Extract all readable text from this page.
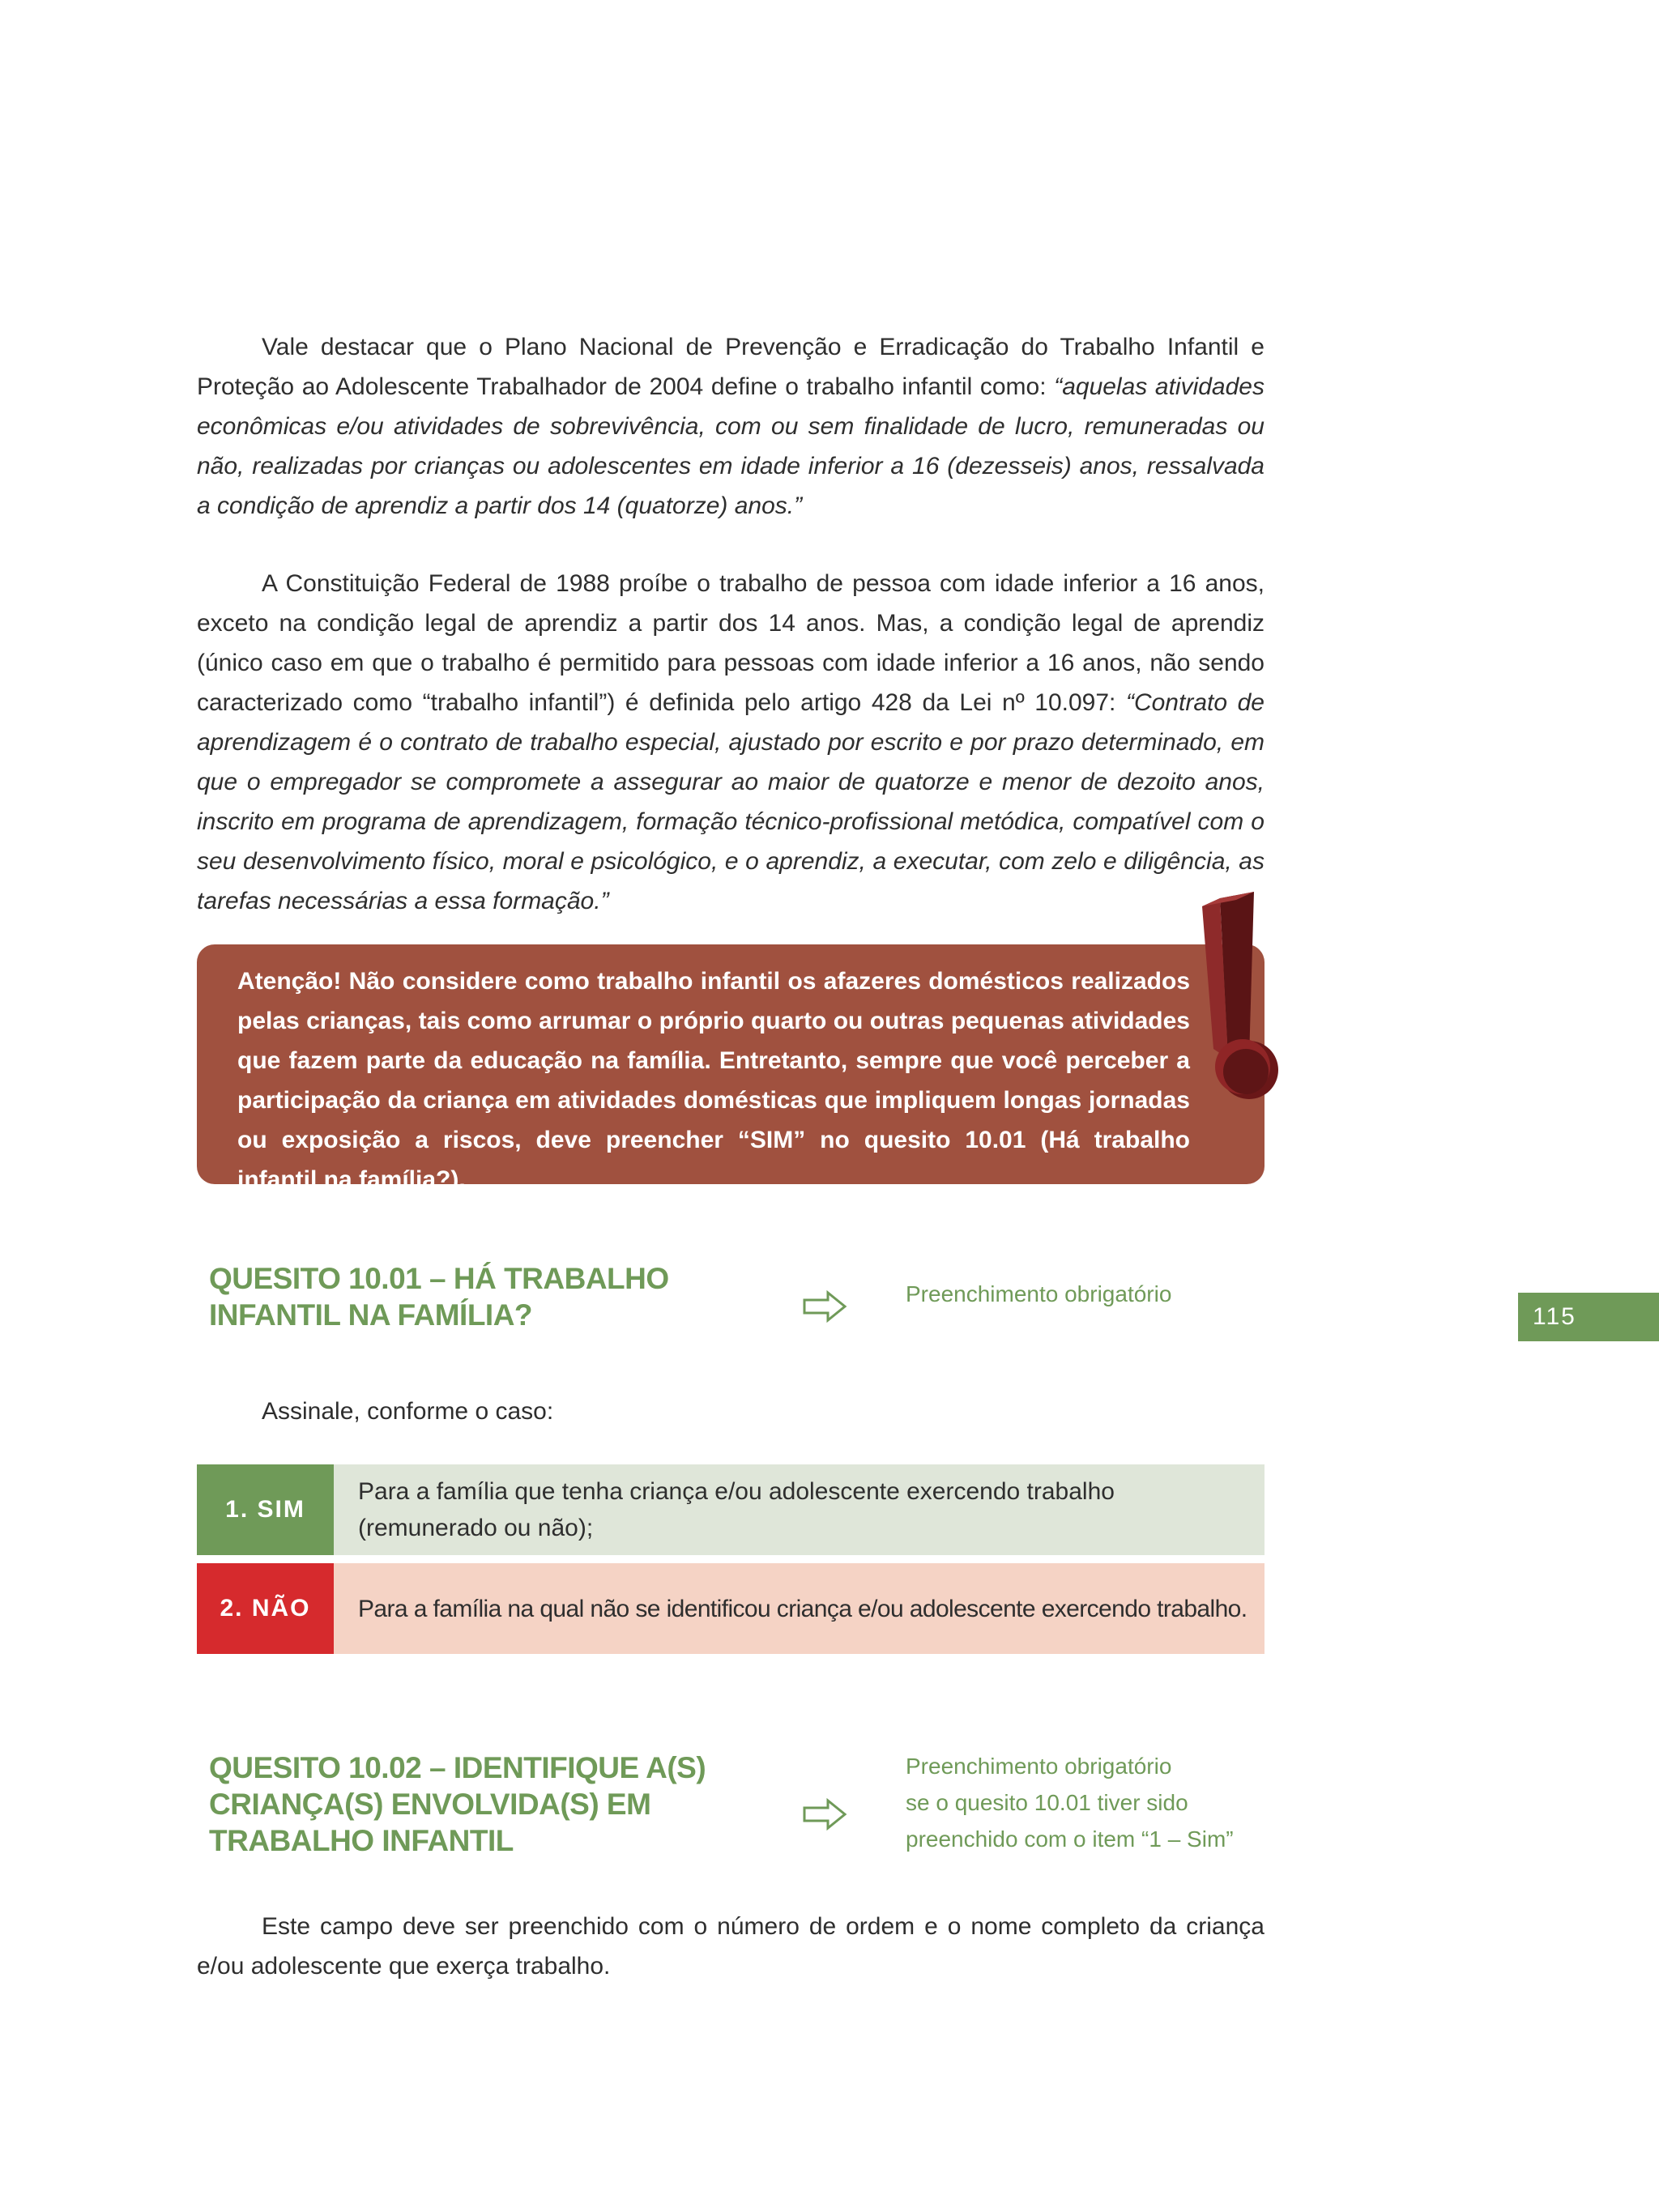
Vale destacar que o Plano Nacional de Prevenção e Erradicação do Trabalho Infantil e Proteção ao Adolescente Trabalhador de 2004 define o trabalho infantil como: “aquelas atividades econômicas e/ou atividades de sobrevivência, com ou sem finalidade de lucro, remuneradas ou não, realizadas por crianças ou adolescentes em idade inferior a 16 (dezesseis) anos, ressalvada a condição de aprendiz a partir dos 14 (quatorze) anos.”

A Constituição Federal de 1988 proíbe o trabalho de pessoa com idade inferior a 16 anos, exceto na condição legal de aprendiz a partir dos 14 anos. Mas, a condição legal de aprendiz (único caso em que o trabalho é permitido para pessoas com idade inferior a 16 anos, não sendo caracterizado como “trabalho infantil”) é definida pelo artigo 428 da Lei nº 10.097: “Contrato de aprendizagem é o contrato de trabalho especial, ajustado por escrito e por prazo determinado, em que o empregador se compromete a assegurar ao maior de quatorze e menor de dezoito anos, inscrito em programa de aprendizagem, formação técnico-profissional metódica, compatível com o seu desenvolvimento físico, moral e psicológico, e o aprendiz, a executar, com zelo e diligência, as tarefas necessárias a essa formação.”

Atenção! Não considere como trabalho infantil os afazeres domésticos realizados pelas crianças, tais como arrumar o próprio quarto ou outras pequenas atividades que fazem parte da educação na família. Entretanto, sempre que você perceber a participação da criança em atividades domésticas que impliquem longas jornadas ou exposição a riscos, deve preencher “SIM” no quesito 10.01 (Há trabalho infantil na família?).

QUESITO 10.01 – HÁ TRABALHO
INFANTIL NA FAMÍLIA?

Preenchimento obrigatório

115

Assinale, conforme o caso:

1. SIM
Para a família que tenha criança e/ou adolescente exercendo trabalho
(remunerado ou não);
2. NÃO	Para a família na qual não se identificou criança e/ou adolescente exercendo trabalho.
QUESITO 10.02 – IDENTIFIQUE A(S)
CRIANÇA(S) ENVOLVIDA(S) EM
TRABALHO INFANTIL

Preenchimento obrigatório
se o quesito 10.01 tiver sido
preenchido com o item “1 – Sim”

Este campo deve ser preenchido com o número de ordem e o nome completo da criança e/ou adolescente que exerça trabalho.
